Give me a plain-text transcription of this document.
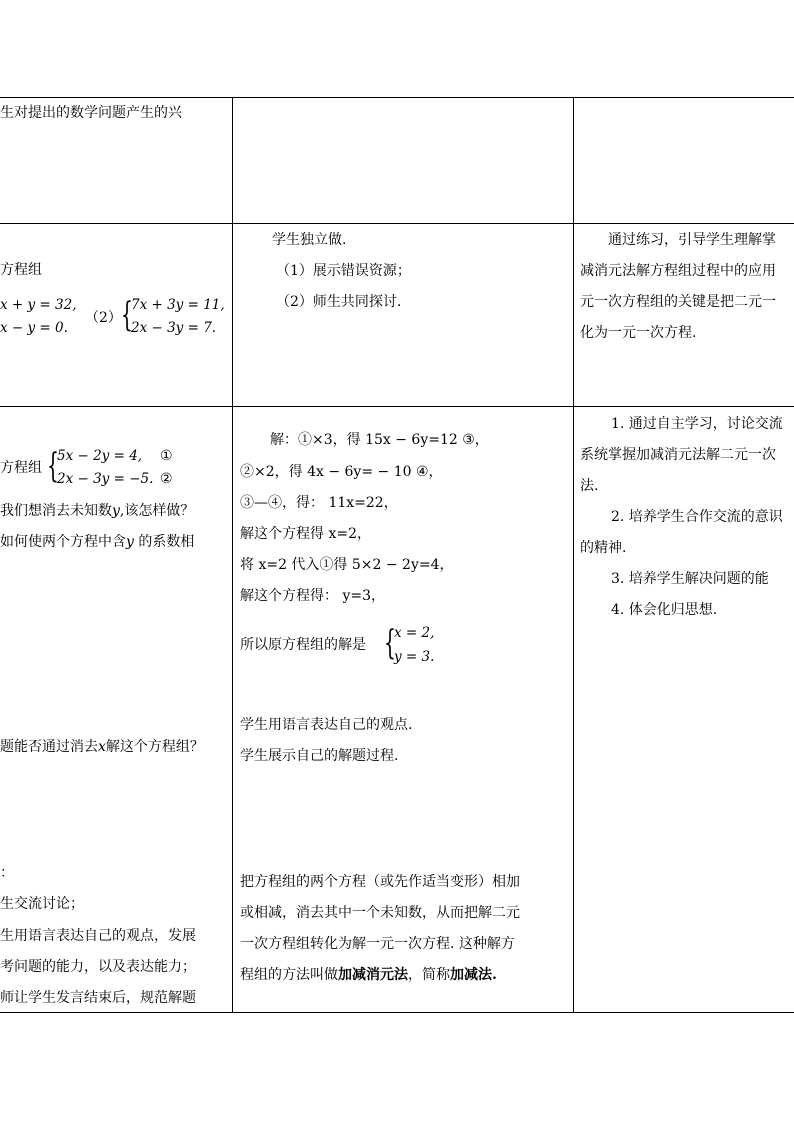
生对提出的数学问题产生的兴
方程组
x + y = 32,
x − y = 0.
（2） {
7x + 3y = 11,
2x − 3y = 7.
学生独立做.
（1）展示错误资源；
（2）师生共同探讨.
通过练习，引导学生理解掌
减消元法解方程组过程中的应用
元一次方程组的关键是把二元一
化为一元一次方程.
方程组 {
5x − 2y = 4, ①
2x − 3y = −5. ②
我们想消去未知数y,该怎样做？
如何使两个方程中含y 的系数相
题能否通过消去x解这个方程组？
：
生交流讨论；
生用语言表达自己的观点，发展
考问题的能力，以及表达能力；
师让学生发言结束后，规范解题
解：①×3，得 15x − 6y=12 ③，
②×2，得 4x − 6y= − 10 ④，
③—④，得： 11x=22，
解这个方程得 x=2，
将 x=2 代入①得 5×2 − 2y=4，
解这个方程得： y=3，
所以原方程组的解是 {
x = 2,
y = 3.
学生用语言表达自己的观点.
学生展示自己的解题过程.
把方程组的两个方程（或先作适当变形）相加
或相减，消去其中一个未知数，从而把解二元
一次方程组转化为解一元一次方程. 这种解方
程组的方法叫做加减消元法，简称加减法.
1. 通过自主学习，讨论交流
系统掌握加减消元法解二元一次
法.
2. 培养学生合作交流的意识
的精神.
3. 培养学生解决问题的能
4. 体会化归思想.
